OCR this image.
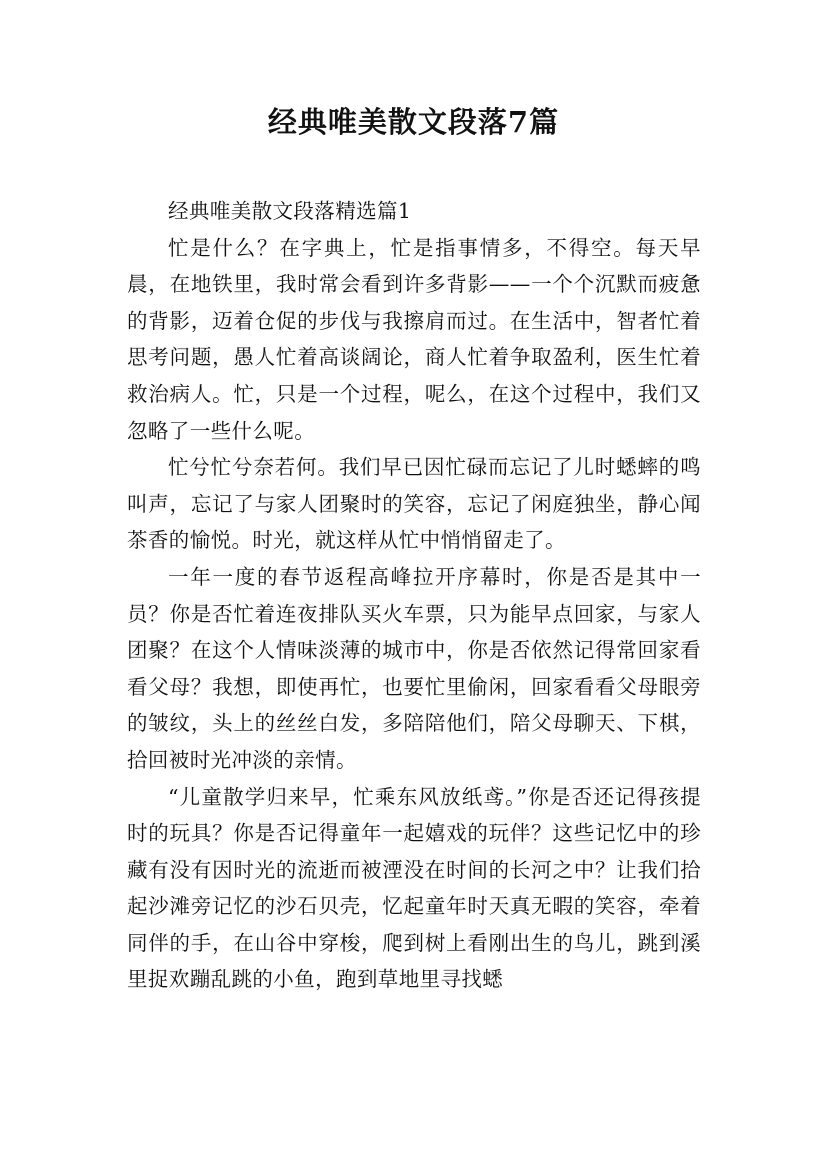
经典唯美散文段落7篇

经典唯美散文段落精选篇1

忙是什么？在字典上，忙是指事情多，不得空。每天早晨，在地铁里，我时常会看到许多背影——一个个沉默而疲惫的背影，迈着仓促的步伐与我擦肩而过。在生活中，智者忙着思考问题，愚人忙着高谈阔论，商人忙着争取盈利，医生忙着救治病人。忙，只是一个过程，呢么，在这个过程中，我们又忽略了一些什么呢。

忙兮忙兮奈若何。我们早已因忙碌而忘记了儿时蟋蟀的鸣叫声，忘记了与家人团聚时的笑容，忘记了闲庭独坐，静心闻茶香的愉悦。时光，就这样从忙中悄悄留走了。

一年一度的春节返程高峰拉开序幕时，你是否是其中一员？你是否忙着连夜排队买火车票，只为能早点回家，与家人团聚？在这个人情味淡薄的城市中，你是否依然记得常回家看看父母？我想，即使再忙，也要忙里偷闲，回家看看父母眼旁的皱纹，头上的丝丝白发，多陪陪他们，陪父母聊天、下棋，拾回被时光冲淡的亲情。

“儿童散学归来早，忙乘东风放纸鸢。”你是否还记得孩提时的玩具？你是否记得童年一起嬉戏的玩伴？这些记忆中的珍藏有没有因时光的流逝而被湮没在时间的长河之中？让我们拾起沙滩旁记忆的沙石贝壳，忆起童年时天真无暇的笑容，牵着同伴的手，在山谷中穿梭，爬到树上看刚出生的鸟儿，跳到溪里捉欢蹦乱跳的小鱼，跑到草地里寻找蟋
